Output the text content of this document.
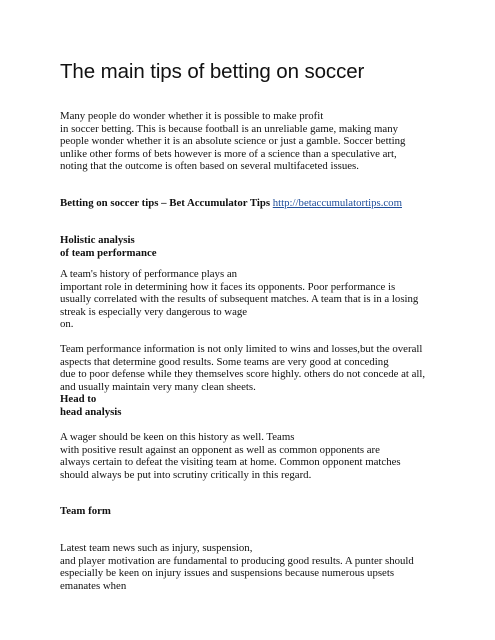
The main tips of betting on soccer
Many people do wonder whether it is possible to make profit
in soccer betting. This is because football is an unreliable game, making many
people wonder whether it is an absolute science or just a gamble. Soccer betting
unlike other forms of bets however is more of a science than a speculative art,
noting that the outcome is often based on several multifaceted issues.
Betting on soccer tips – Bet Accumulator Tips http://betaccumulatortips.com
Holistic analysis
of team performance
A team's history of performance plays an
important role in determining how it faces its opponents. Poor performance is
usually correlated with the results of subsequent matches. A team that is in a losing
streak is especially very dangerous to wage
on.
Team performance information is not only limited to wins and losses,but the overall
aspects that determine good results. Some teams are very good at conceding
due to poor defense while they themselves score highly. others do not concede at all,
and usually maintain very many clean sheets.
Head to
head analysis
A wager should be keen on this history as well. Teams
with positive result against an opponent as well as common opponents are
always certain to defeat the visiting team at home. Common opponent matches
should always be put into scrutiny critically in this regard.
Team form
Latest team news such as injury, suspension,
and player motivation are fundamental to producing good results. A punter should
especially be keen on injury issues and suspensions because numerous upsets
emanates when
